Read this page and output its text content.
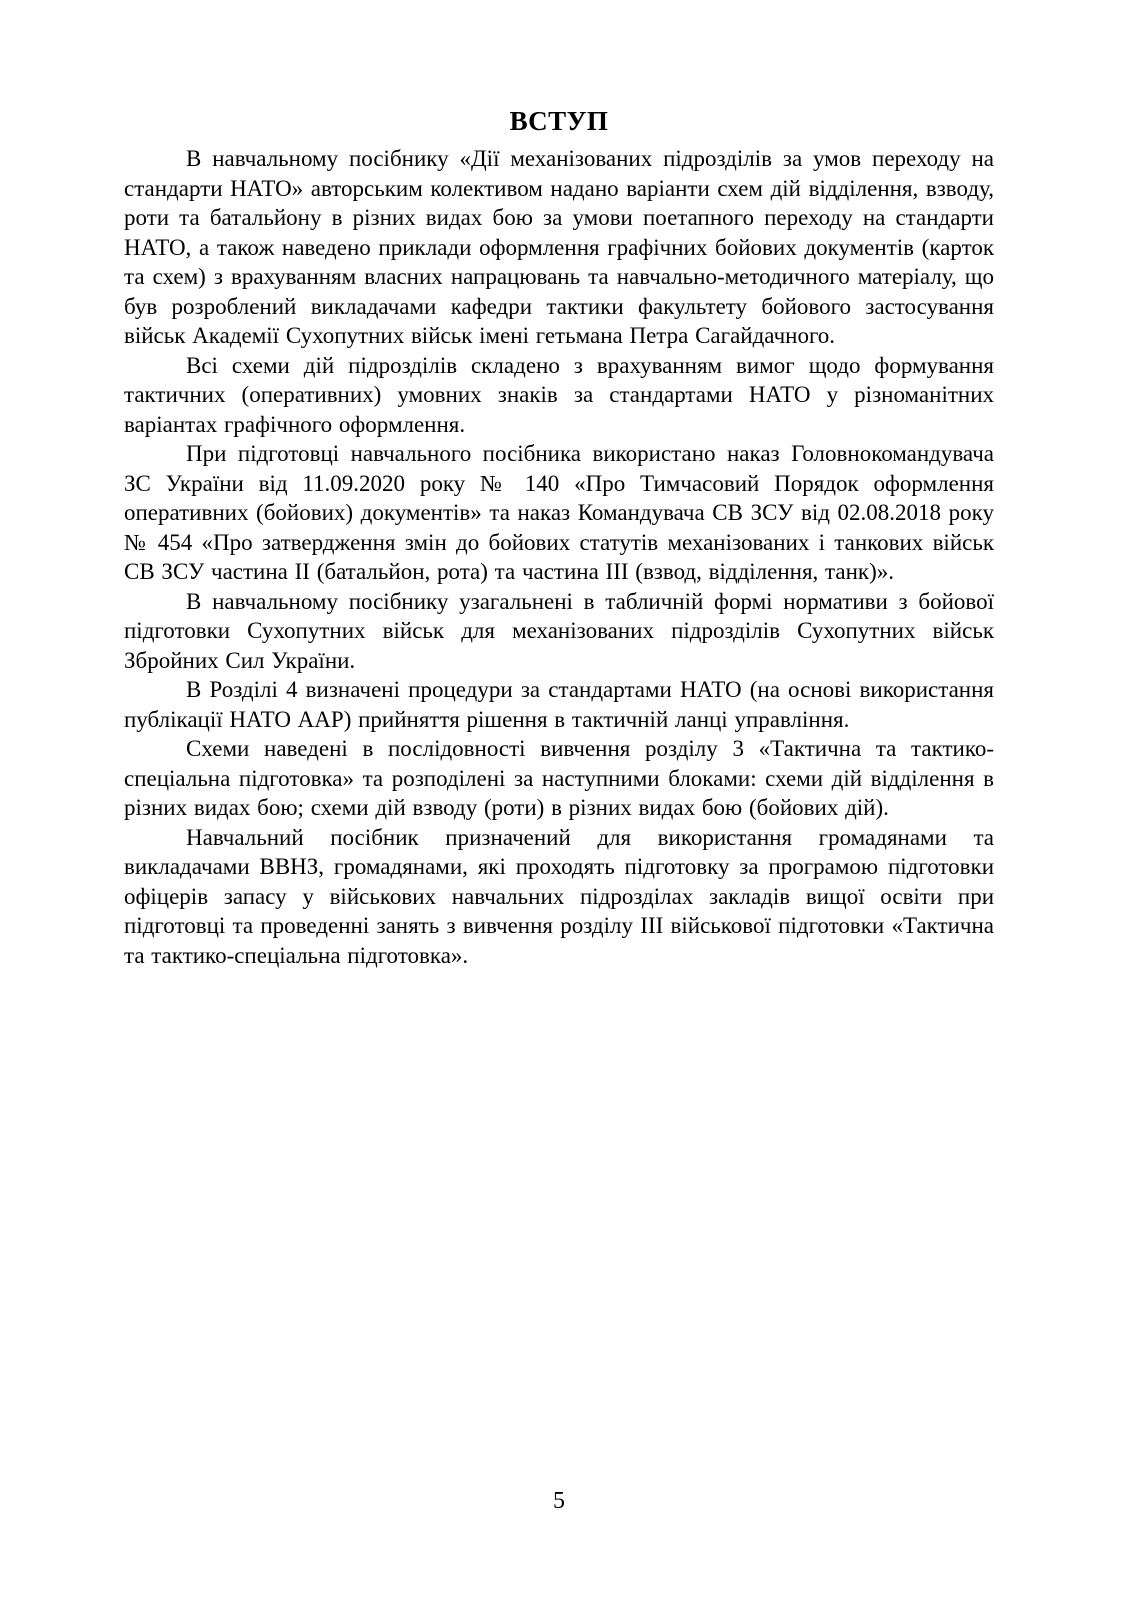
ВСТУП

В навчальному посібнику «Дії механізованих підрозділів за умов переходу на стандарти НАТО» авторським колективом надано варіанти схем дій відділення, взводу, роти та батальйону в різних видах бою за умови поетапного переходу на стандарти НАТО, а також наведено приклади оформлення графічних бойових документів (карток та схем) з врахуванням власних напрацювань та навчально-методичного матеріалу, що був розроблений викладачами кафедри тактики факультету бойового застосування військ Академії Сухопутних військ імені гетьмана Петра Сагайдачного.

Всі схеми дій підрозділів складено з врахуванням вимог щодо формування тактичних (оперативних) умовних знаків за стандартами НАТО у різноманітних варіантах графічного оформлення.

При підготовці навчального посібника використано наказ Головнокомандувача ЗС України від 11.09.2020 року № 140 «Про Тимчасовий Порядок оформлення оперативних (бойових) документів» та наказ Командувача СВ ЗСУ від 02.08.2018 року № 454 «Про затвердження змін до бойових статутів механізованих і танкових військ СВ ЗСУ частина ІІ (батальйон, рота) та частина ІІІ (взвод, відділення, танк)».

В навчальному посібнику узагальнені в табличній формі нормативи з бойової підготовки Сухопутних військ для механізованих підрозділів Сухопутних військ Збройних Сил України.

В Розділі 4 визначені процедури за стандартами НАТО (на основі використання публікації НАТО ААР) прийняття рішення в тактичній ланці управління.

Схеми наведені в послідовності вивчення розділу 3 «Тактична та тактико-спеціальна підготовка» та розподілені за наступними блоками: схеми дій відділення в різних видах бою; схеми дій взводу (роти) в різних видах бою (бойових дій).

Навчальний посібник призначений для використання громадянами та викладачами ВВНЗ, громадянами, які проходять підготовку за програмою підготовки офіцерів запасу у військових навчальних підрозділах закладів вищої освіти при підготовці та проведенні занять з вивчення розділу ІІІ військової підготовки «Тактична та тактико-спеціальна підготовка».

5
